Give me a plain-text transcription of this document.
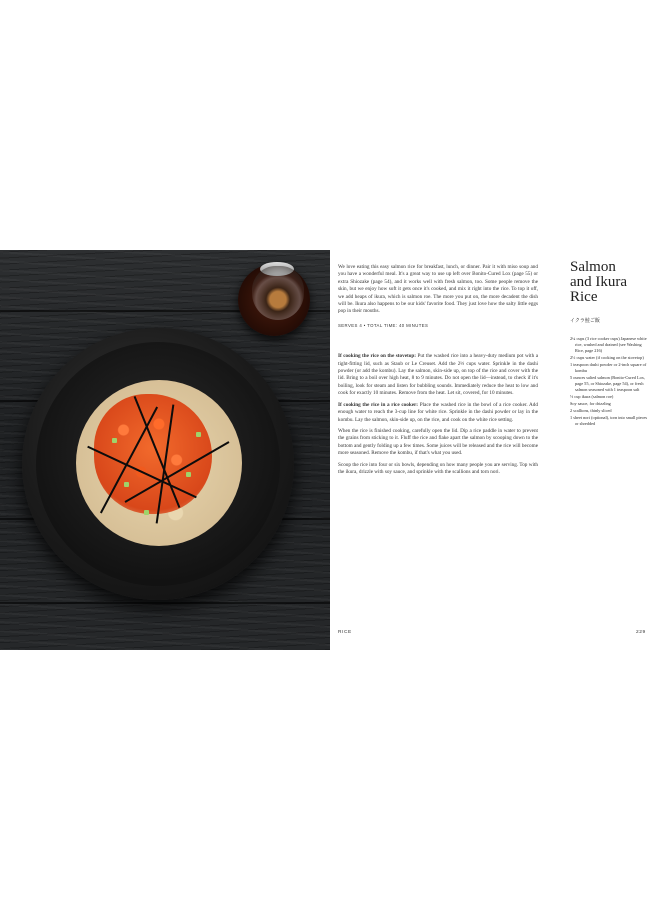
We love eating this easy salmon rice for breakfast, lunch, or dinner. Pair it with miso soup and you have a wonderful meal. It's a great way to use up left over Bonito-Cured Lox (page 55) or extra Shiozake (page 54), and it works well with fresh salmon, too. Some people remove the skin, but we enjoy how soft it gets once it's cooked, and mix it right into the rice. To top it off, we add heaps of ikura, which is salmon roe. The more you put on, the more decadent the dish will be. Ikura also happens to be our kids' favorite food. They just love how the salty little eggs pop in their mouths.

SERVES 4 • TOTAL TIME: 40 MINUTES

If cooking the rice on the stovetop: Put the washed rice into a heavy-duty medium pot with a tight-fitting lid, such as Staub or Le Creuset. Add the 2⅓ cups water. Sprinkle in the dashi powder (or add the kombu). Lay the salmon, skin-side up, on top of the rice and cover with the lid. Bring to a boil over high heat, 8 to 9 minutes. Do not open the lid—instead, to check if it's boiling, look for steam and listen for bubbling sounds. Immediately reduce the heat to low and cook for exactly 10 minutes. Remove from the heat. Let sit, covered, for 10 minutes.

If cooking the rice in a rice cooker: Place the washed rice in the bowl of a rice cooker. Add enough water to reach the 3-cup line for white rice. Sprinkle in the dashi powder or lay in the kombu. Lay the salmon, skin-side up, on the rice, and cook on the white rice setting.

When the rice is finished cooking, carefully open the lid. Dip a rice paddle in water to prevent the grains from sticking to it. Fluff the rice and flake apart the salmon by scooping down to the bottom and gently folding up a few times. Some juices will be released and the rice will become more seasoned. Remove the kombu, if that's what you used.

Scoop the rice into four or six bowls, depending on how many people you are serving. Top with the ikura, drizzle with soy sauce, and sprinkle with the scallions and torn nori.

Salmon
and Ikura
Rice
イクラ鮭ご飯
2¼ cups (3 rice cooker cups) Japanese white rice, washed and drained (see Washing Rice, page 216)
2⅓ cups water (if cooking on the stovetop)
1 teaspoon dashi powder or 2-inch square of kombu
5 ounces salted salmon (Bonito-Cured Lox, page 55, or Shiozake, page 54), or fresh salmon seasoned with 1 teaspoon salt
½ cup ikura (salmon roe)
Soy sauce, for drizzling
2 scallions, thinly sliced
1 sheet nori (optional), torn into small pieces or shredded
RICE	229
